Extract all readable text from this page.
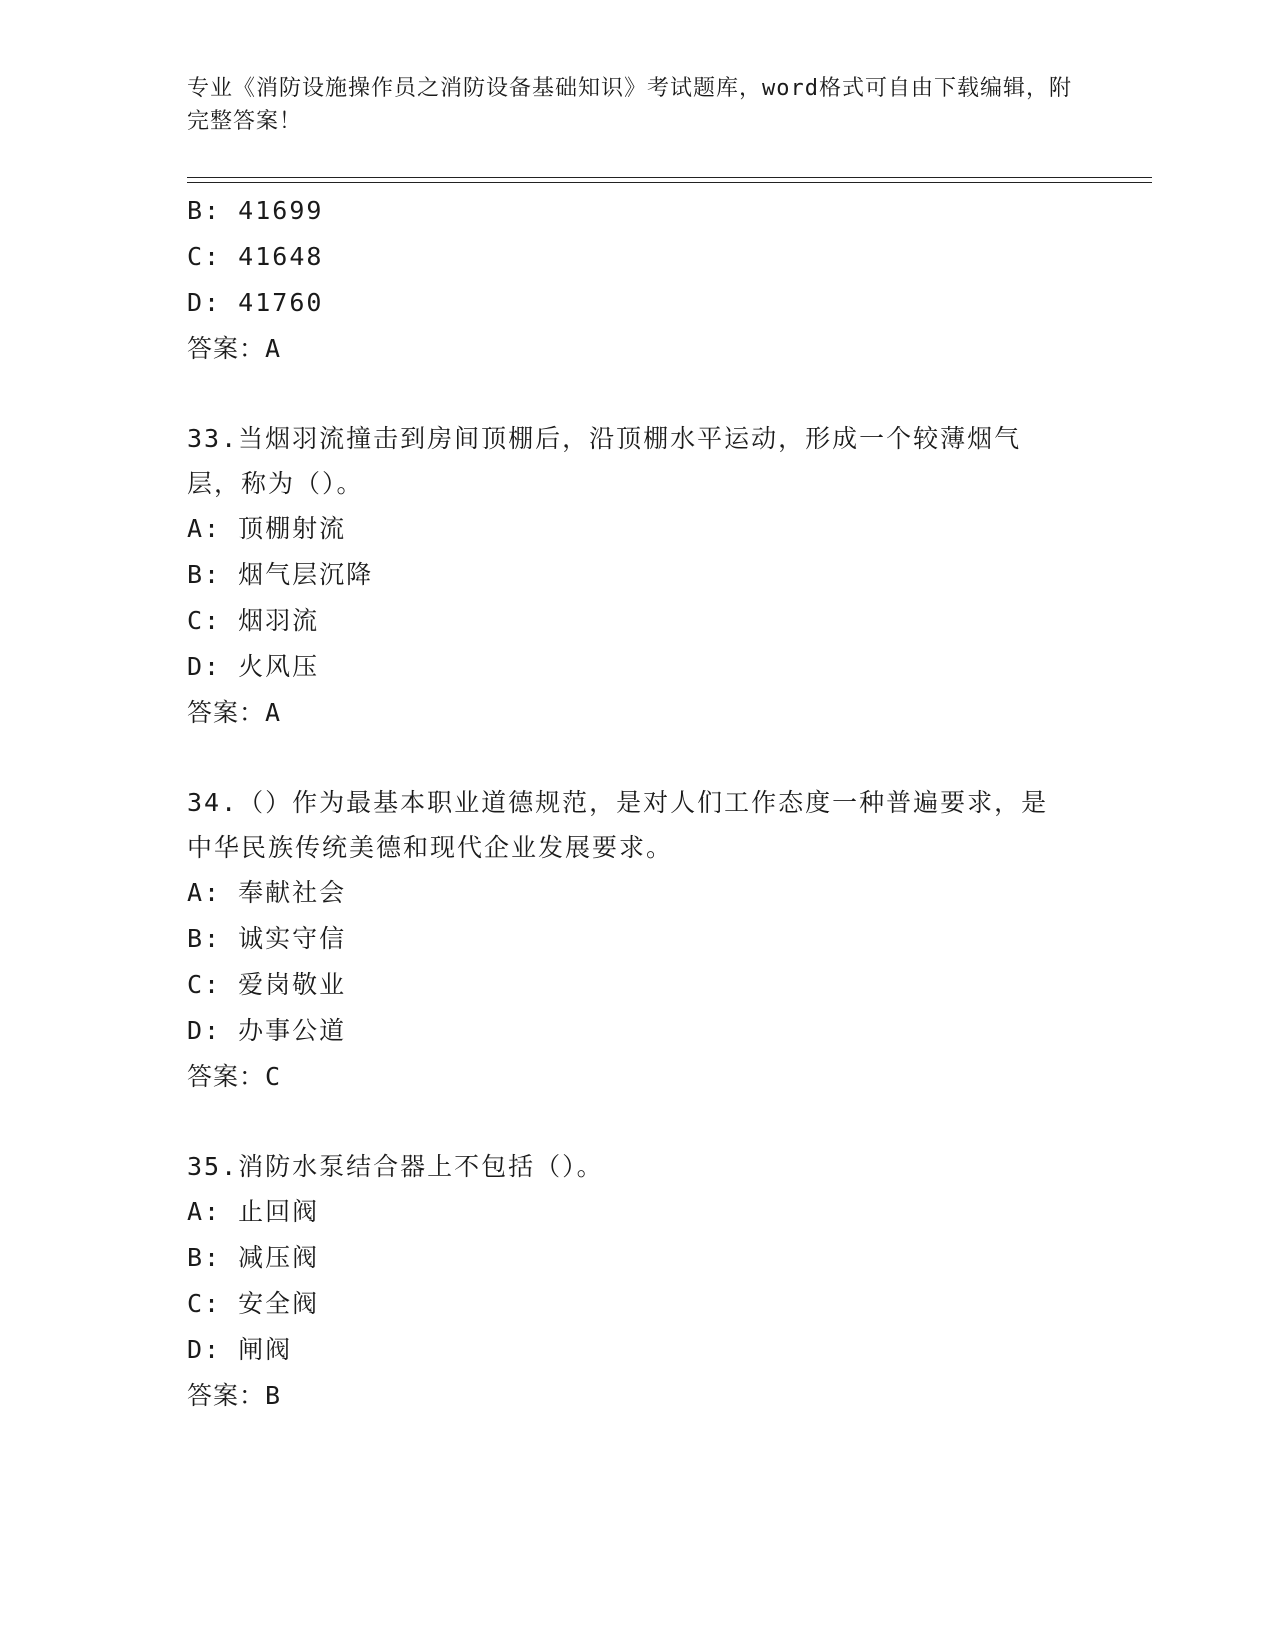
专业《消防设施操作员之消防设备基础知识》考试题库，word格式可自由下载编辑，附完整答案！
B: 41699
C: 41648
D: 41760
答案：A
33.当烟羽流撞击到房间顶棚后，沿顶棚水平运动，形成一个较薄烟气层，称为（）。
A: 顶棚射流
B: 烟气层沉降
C: 烟羽流
D: 火风压
答案：A
34.（）作为最基本职业道德规范，是对人们工作态度一种普遍要求，是中华民族传统美德和现代企业发展要求。
A: 奉献社会
B: 诚实守信
C: 爱岗敬业
D: 办事公道
答案：C
35.消防水泵结合器上不包括（）。
A: 止回阀
B: 减压阀
C: 安全阀
D: 闸阀
答案：B
